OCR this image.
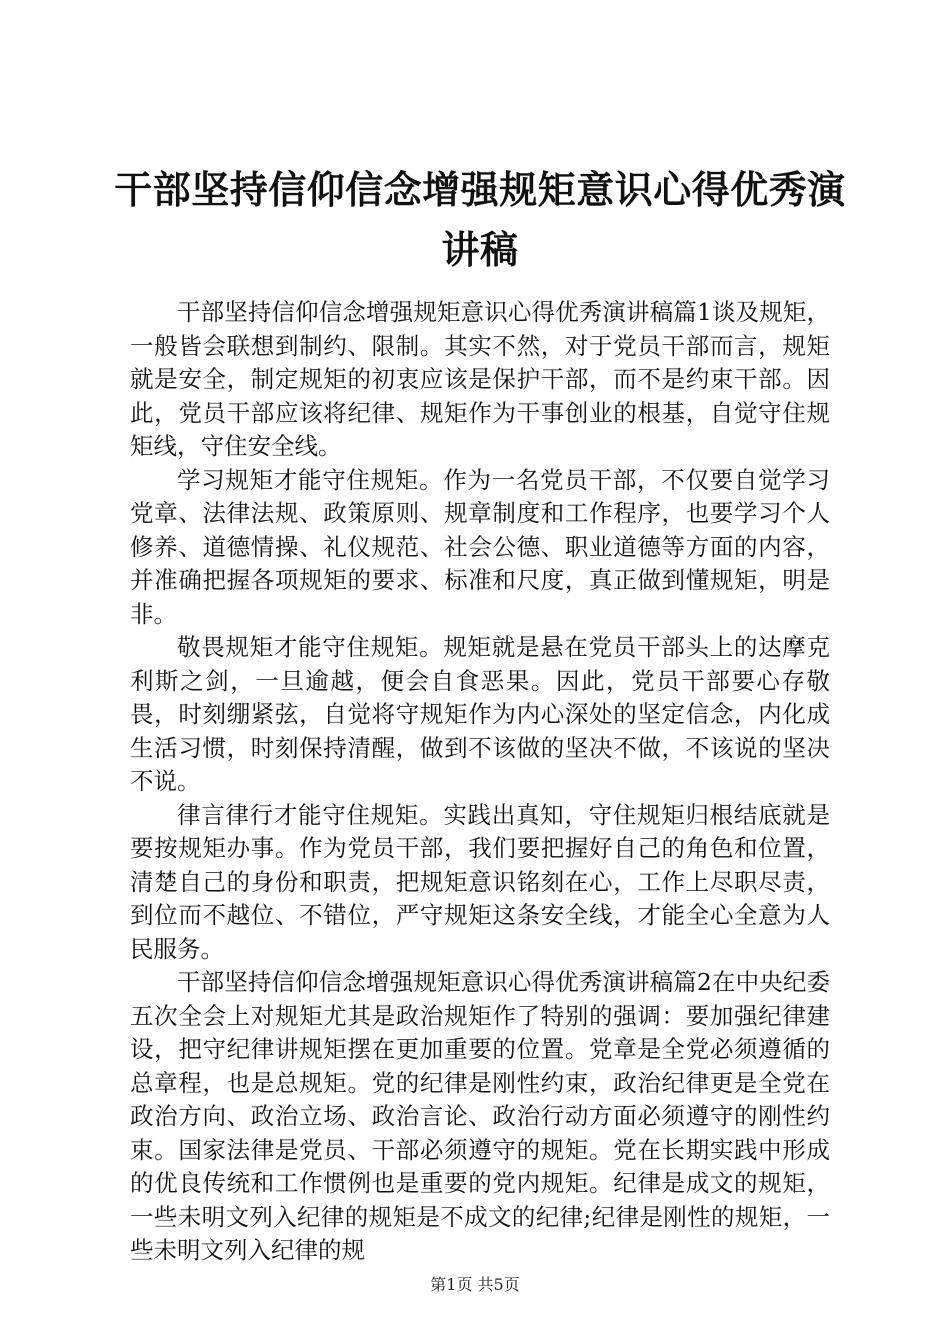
干部坚持信仰信念增强规矩意识心得优秀演讲稿

干部坚持信仰信念增强规矩意识心得优秀演讲稿篇1谈及规矩，一般皆会联想到制约、限制。其实不然，对于党员干部而言，规矩就是安全，制定规矩的初衷应该是保护干部，而不是约束干部。因此，党员干部应该将纪律、规矩作为干事创业的根基，自觉守住规矩线，守住安全线。

学习规矩才能守住规矩。作为一名党员干部，不仅要自觉学习党章、法律法规、政策原则、规章制度和工作程序，也要学习个人修养、道德情操、礼仪规范、社会公德、职业道德等方面的内容，并准确把握各项规矩的要求、标准和尺度，真正做到懂规矩，明是非。

敬畏规矩才能守住规矩。规矩就是悬在党员干部头上的达摩克利斯之剑，一旦逾越，便会自食恶果。因此，党员干部要心存敬畏，时刻绷紧弦，自觉将守规矩作为内心深处的坚定信念，内化成生活习惯，时刻保持清醒，做到不该做的坚决不做，不该说的坚决不说。

律言律行才能守住规矩。实践出真知，守住规矩归根结底就是要按规矩办事。作为党员干部，我们要把握好自己的角色和位置，清楚自己的身份和职责，把规矩意识铭刻在心，工作上尽职尽责，到位而不越位、不错位，严守规矩这条安全线，才能全心全意为人民服务。

干部坚持信仰信念增强规矩意识心得优秀演讲稿篇2在中央纪委五次全会上对规矩尤其是政治规矩作了特别的强调：要加强纪律建设，把守纪律讲规矩摆在更加重要的位置。党章是全党必须遵循的总章程，也是总规矩。党的纪律是刚性约束，政治纪律更是全党在政治方向、政治立场、政治言论、政治行动方面必须遵守的刚性约束。国家法律是党员、干部必须遵守的规矩。党在长期实践中形成的优良传统和工作惯例也是重要的党内规矩。纪律是成文的规矩，一些未明文列入纪律的规矩是不成文的纪律;纪律是刚性的规矩，一些未明文列入纪律的规

第1页 共5页
